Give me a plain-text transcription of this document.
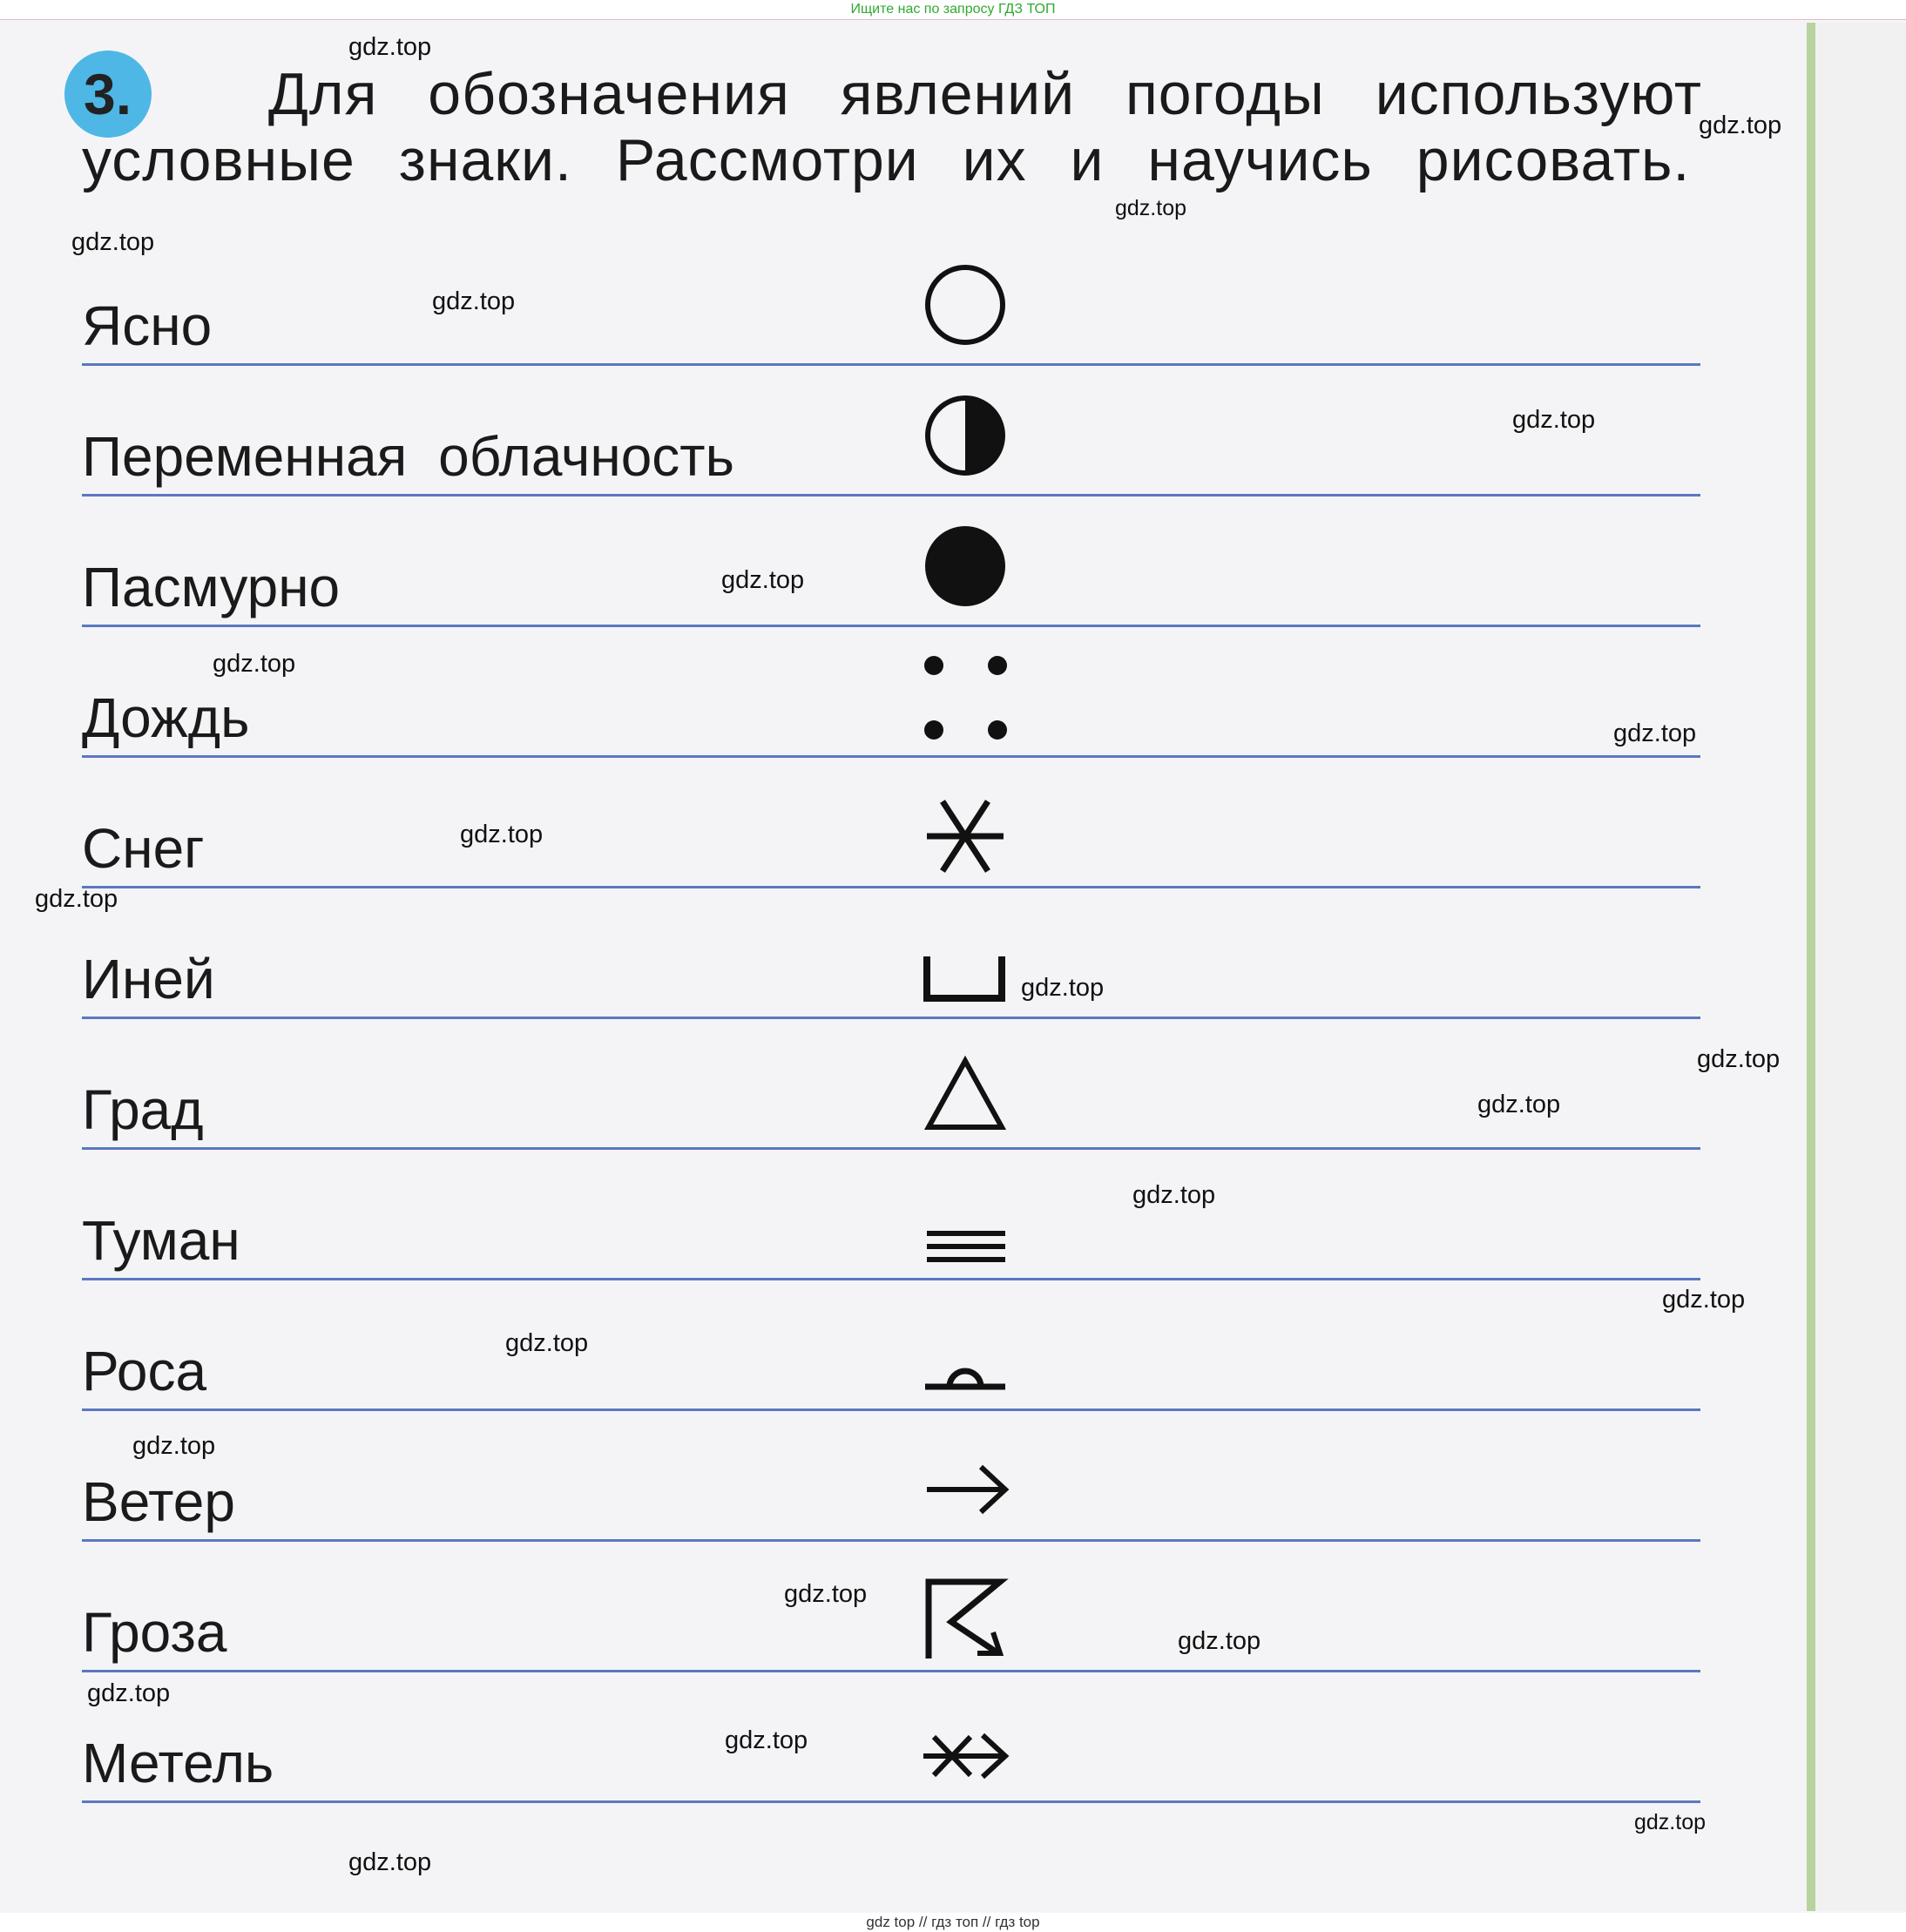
Ищите нас по запросу ГДЗ ТОП
3.	Для обозначения явлений погоды используют
условные знаки. Рассмотри их и научись рисовать.
Ясно
Переменная облачность
Пасмурно
Дождь
Снег
Иней
Град
Туман
Роса
Ветер
Гроза
Метель
gdz.top
gdz.top
gdz.top
gdz.top
gdz.top
gdz.top
gdz.top
gdz.top
gdz.top
gdz.top
gdz.top
gdz.top
gdz.top
gdz.top
gdz.top
gdz.top
gdz.top
gdz.top
gdz.top
gdz.top
gdz.top
gdz.top
gdz.top
gdz.top
gdz top // гдз топ // гдз top
